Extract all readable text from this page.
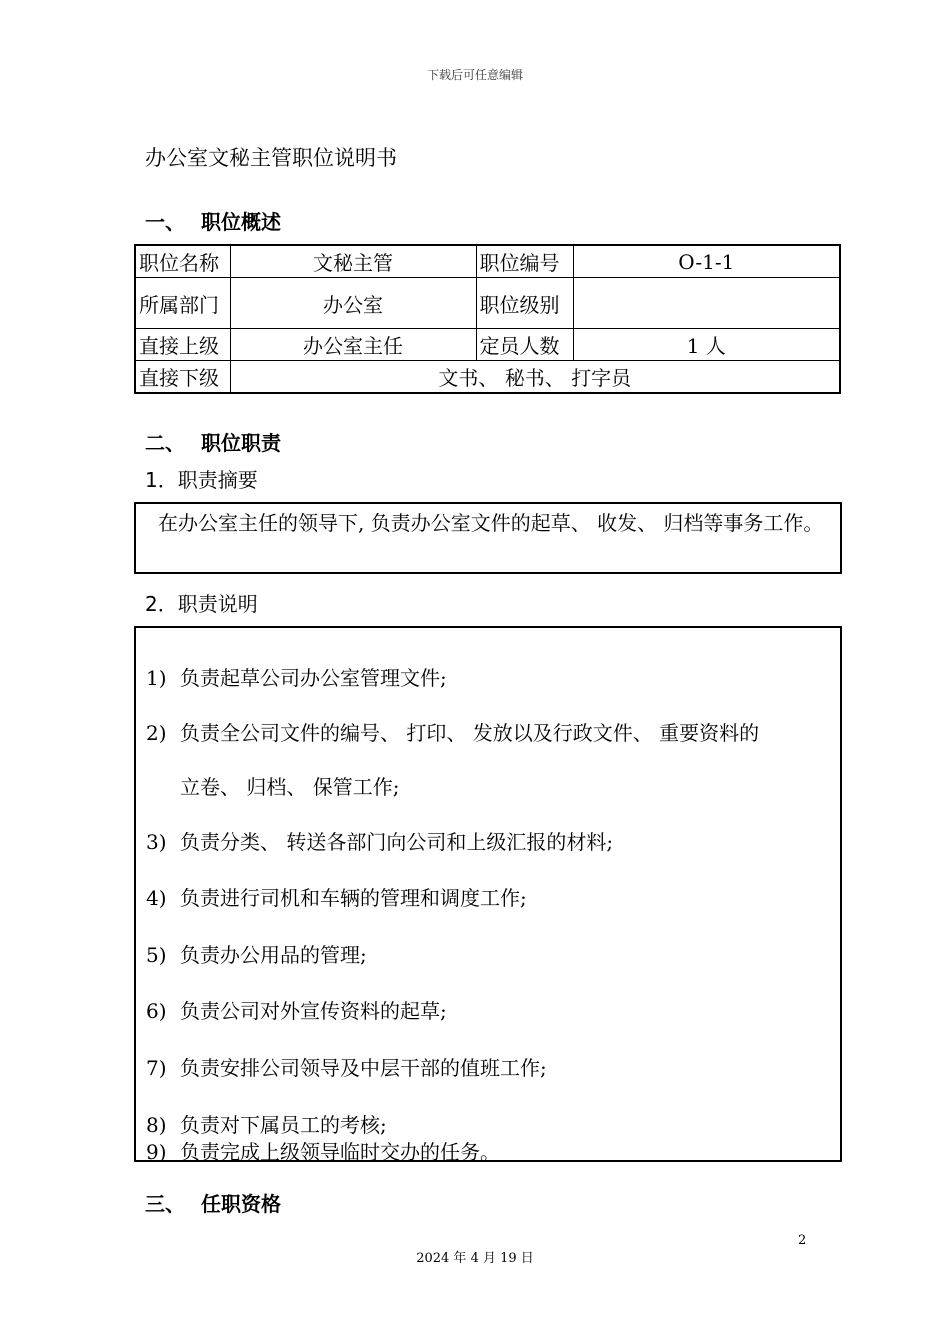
下载后可任意编辑
办公室文秘主管职位说明书
一、 职位概述
职位名称	文秘主管	职位编号	O-1-1
所属部门	办公室	职位级别	
直接上级	办公室主任	定员人数	1 人
直接下级	文书、 秘书、 打字员		
二、 职位职责
1．职责摘要
在办公室主任的领导下, 负责办公室文件的起草、 收发、 归档等事务工作。
2．职责说明
1) 负责起草公司办公室管理文件;
2) 负责全公司文件的编号、 打印、 发放以及行政文件、 重要资料的
立卷、 归档、 保管工作;
3) 负责分类、 转送各部门向公司和上级汇报的材料;
4) 负责进行司机和车辆的管理和调度工作;
5) 负责办公用品的管理;
6) 负责公司对外宣传资料的起草;
7) 负责安排公司领导及中层干部的值班工作;
8) 负责对下属员工的考核;
9) 负责完成上级领导临时交办的任务。
三、 任职资格
2
2024 年 4 月 19 日
